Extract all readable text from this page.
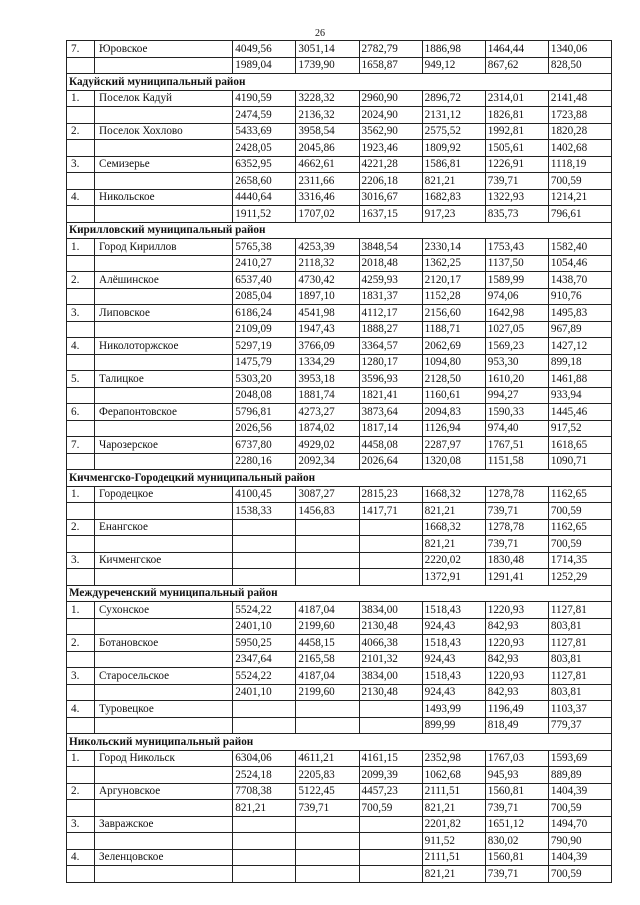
26
7.	Юровское	4049,56	3051,14	2782,79	1886,98	1464,44	1340,06
		1989,04	1739,90	1658,87	949,12	867,62	828,50
Кадуйский муниципальный район							
1.	Поселок Кадуй	4190,59	3228,32	2960,90	2896,72	2314,01	2141,48
		2474,59	2136,32	2024,90	2131,12	1826,81	1723,88
2.	Поселок Хохлово	5433,69	3958,54	3562,90	2575,52	1992,81	1820,28
		2428,05	2045,86	1923,46	1809,92	1505,61	1402,68
3.	Семизерье	6352,95	4662,61	4221,28	1586,81	1226,91	1118,19
		2658,60	2311,66	2206,18	821,21	739,71	700,59
4.	Никольское	4440,64	3316,46	3016,67	1682,83	1322,93	1214,21
		1911,52	1707,02	1637,15	917,23	835,73	796,61
Кирилловский муниципальный район							
1.	Город Кириллов	5765,38	4253,39	3848,54	2330,14	1753,43	1582,40
		2410,27	2118,32	2018,48	1362,25	1137,50	1054,46
2.	Алёшинское	6537,40	4730,42	4259,93	2120,17	1589,99	1438,70
		2085,04	1897,10	1831,37	1152,28	974,06	910,76
3.	Липовское	6186,24	4541,98	4112,17	2156,60	1642,98	1495,83
		2109,09	1947,43	1888,27	1188,71	1027,05	967,89
4.	Николоторжское	5297,19	3766,09	3364,57	2062,69	1569,23	1427,12
		1475,79	1334,29	1280,17	1094,80	953,30	899,18
5.	Талицкое	5303,20	3953,18	3596,93	2128,50	1610,20	1461,88
		2048,08	1881,74	1821,41	1160,61	994,27	933,94
6.	Ферапонтовское	5796,81	4273,27	3873,64	2094,83	1590,33	1445,46
		2026,56	1874,02	1817,14	1126,94	974,40	917,52
7.	Чарозерское	6737,80	4929,02	4458,08	2287,97	1767,51	1618,65
		2280,16	2092,34	2026,64	1320,08	1151,58	1090,71
Кичменгско-Городецкий муниципальный район							
1.	Городецкое	4100,45	3087,27	2815,23	1668,32	1278,78	1162,65
		1538,33	1456,83	1417,71	821,21	739,71	700,59
2.	Енангское				1668,32	1278,78	1162,65
					821,21	739,71	700,59
3.	Кичменгское				2220,02	1830,48	1714,35
					1372,91	1291,41	1252,29
Междуреченский муниципальный район							
1.	Сухонское	5524,22	4187,04	3834,00	1518,43	1220,93	1127,81
		2401,10	2199,60	2130,48	924,43	842,93	803,81
2.	Ботановское	5950,25	4458,15	4066,38	1518,43	1220,93	1127,81
		2347,64	2165,58	2101,32	924,43	842,93	803,81
3.	Старосельское	5524,22	4187,04	3834,00	1518,43	1220,93	1127,81
		2401,10	2199,60	2130,48	924,43	842,93	803,81
4.	Туровецкое				1493,99	1196,49	1103,37
					899,99	818,49	779,37
Никольский муниципальный район							
1.	Город Никольск	6304,06	4611,21	4161,15	2352,98	1767,03	1593,69
		2524,18	2205,83	2099,39	1062,68	945,93	889,89
2.	Аргуновское	7708,38	5122,45	4457,23	2111,51	1560,81	1404,39
		821,21	739,71	700,59	821,21	739,71	700,59
3.	Завражское				2201,82	1651,12	1494,70
					911,52	830,02	790,90
4.	Зеленцовское				2111,51	1560,81	1404,39
					821,21	739,71	700,59
